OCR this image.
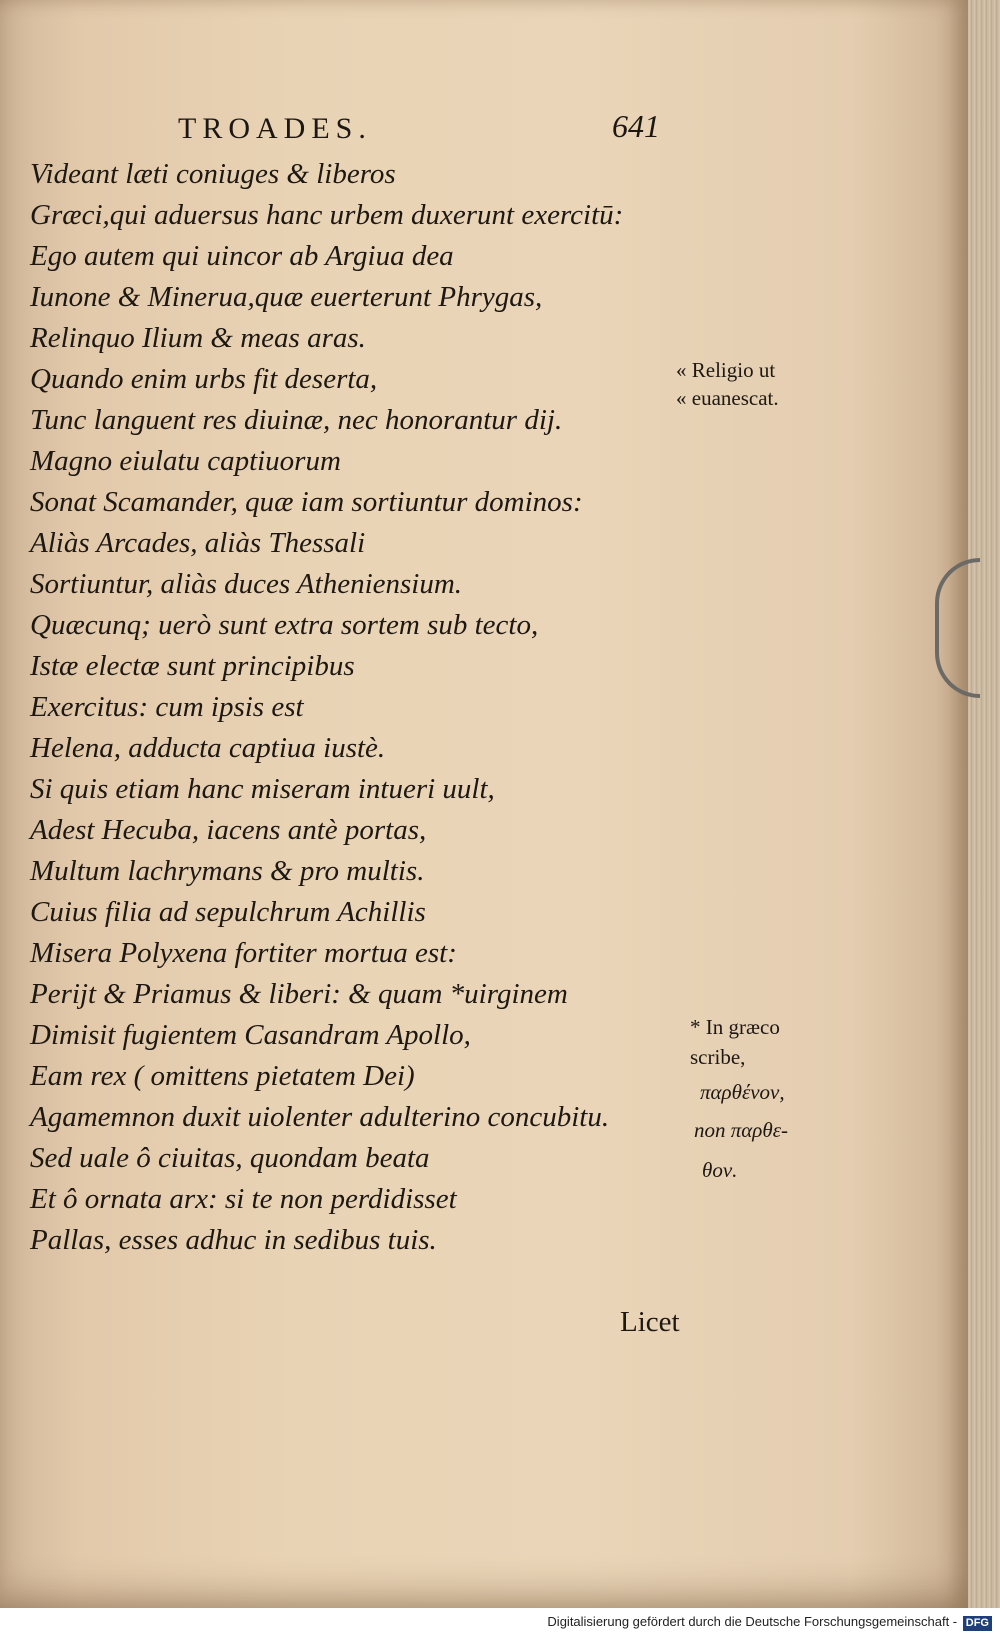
TROADES.	641
Videant læti coniuges & liberos
Græci,qui aduersus hanc urbem duxerunt exercitū:
Ego autem qui uincor ab Argiua dea
Iunone & Minerua,quæ euerterunt Phrygas,
Relinquo Ilium & meas aras.
Quando enim urbs fit deserta,
Tunc languent res diuinæ, nec honorantur dij.
Magno eiulatu captiuorum
Sonat Scamander, quæ iam sortiuntur dominos:
Aliàs Arcades, aliàs Thessali
Sortiuntur, aliàs duces Atheniensium.
Quæcunq; uerò sunt extra sortem sub tecto,
Istæ electæ sunt principibus
Exercitus: cum ipsis est
Helena, adducta captiua iustè.
Si quis etiam hanc miseram intueri uult,
Adest Hecuba, iacens antè portas,
Multum lachrymans & pro multis.
Cuius filia ad sepulchrum Achillis
Misera Polyxena fortiter mortua est:
Perijt & Priamus & liberi: & quam *uirginem
Dimisit fugientem Casandram Apollo,
Eam rex ( omittens pietatem Dei)
Agamemnon duxit uiolenter adulterino concubitu.
Sed uale ô ciuitas, quondam beata
Et ô ornata arx: si te non perdidisset
Pallas, esses adhuc in sedibus tuis.
« Religio ut
« euanescat.
* In græco
scribe,
παρθένον,
non παρθε-
θον.
Licet
Digitalisierung gefördert durch die Deutsche Forschungsgemeinschaft - DFG
